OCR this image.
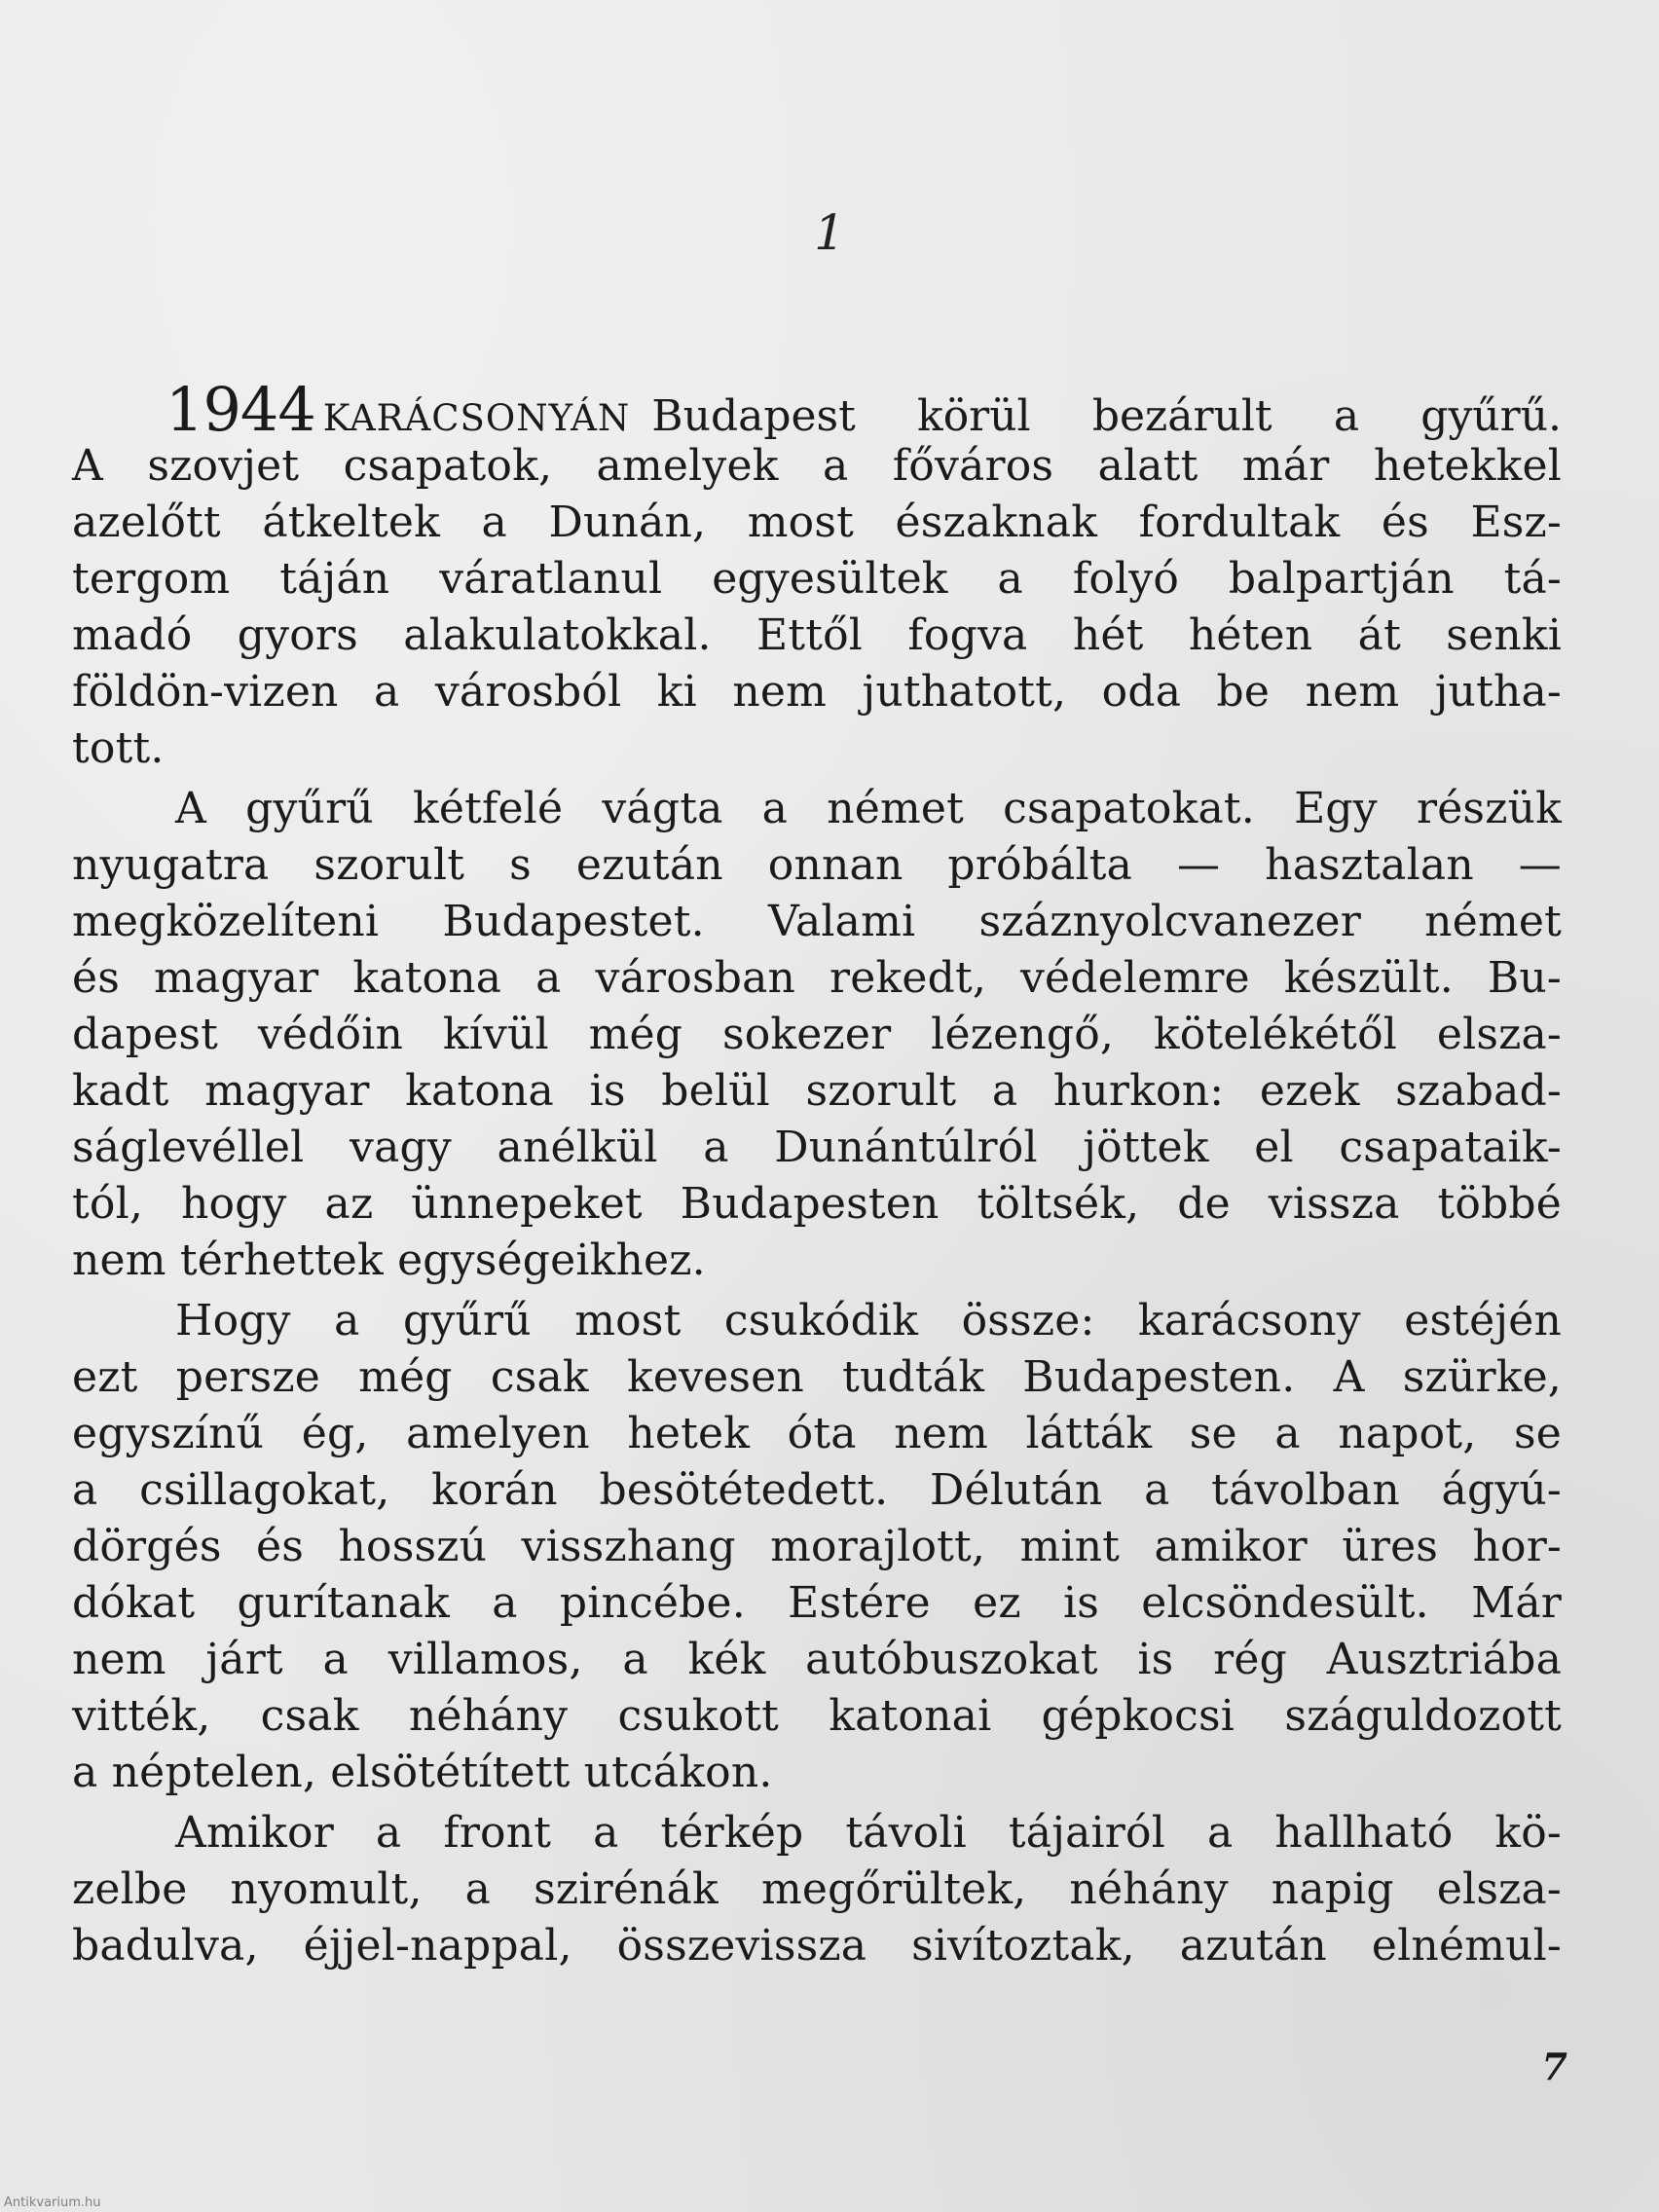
1
1944 KARÁCSONYÁN Budapest körül bezárult a gyűrű.
A szovjet csapatok, amelyek a főváros alatt már hetekkel
azelőtt átkeltek a Dunán, most északnak fordultak és Esz-
tergom táján váratlanul egyesültek a folyó balpartján tá-
madó gyors alakulatokkal. Ettől fogva hét héten át senki
földön-vizen a városból ki nem juthatott, oda be nem jutha-
tott.
A gyűrű kétfelé vágta a német csapatokat. Egy részük
nyugatra szorult s ezután onnan próbálta — hasztalan —
megközelíteni Budapestet. Valami száznyolcvanezer német
és magyar katona a városban rekedt, védelemre készült. Bu-
dapest védőin kívül még sokezer lézengő, kötelékétől elsza-
kadt magyar katona is belül szorult a hurkon: ezek szabad-
ságlevéllel vagy anélkül a Dunántúlról jöttek el csapataik-
tól, hogy az ünnepeket Budapesten töltsék, de vissza többé
nem térhettek egységeikhez.
Hogy a gyűrű most csukódik össze: karácsony estéjén
ezt persze még csak kevesen tudták Budapesten. A szürke,
egyszínű ég, amelyen hetek óta nem látták se a napot, se
a csillagokat, korán besötétedett. Délután a távolban ágyú-
dörgés és hosszú visszhang morajlott, mint amikor üres hor-
dókat gurítanak a pincébe. Estére ez is elcsöndesült. Már
nem járt a villamos, a kék autóbuszokat is rég Ausztriába
vitték, csak néhány csukott katonai gépkocsi száguldozott
a néptelen, elsötétített utcákon.
Amikor a front a térkép távoli tájairól a hallható kö-
zelbe nyomult, a szirénák megőrültek, néhány napig elsza-
badulva, éjjel-nappal, összevissza sivítoztak, azután elnémul-
7
Antikvarium.hu
